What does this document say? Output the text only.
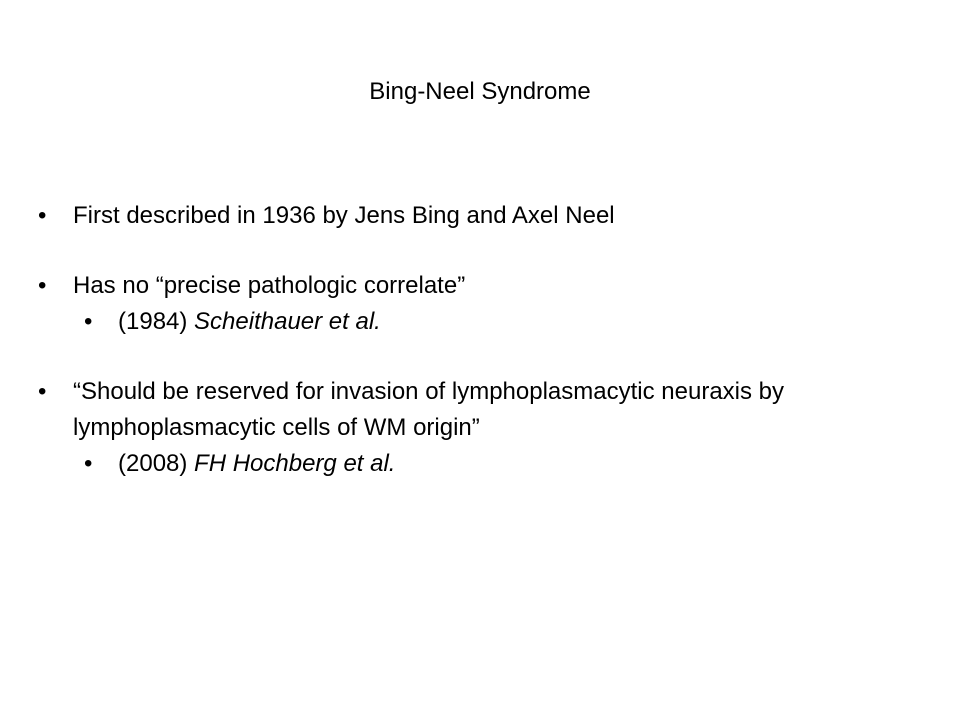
Bing-Neel Syndrome
•	First described in 1936 by Jens Bing and Axel Neel
•	Has no “precise pathologic correlate”
•	(1984) Scheithauer et al.
•	“Should be reserved for invasion of lymphoplasmacytic neuraxis by lymphoplasmacytic cells of WM origin”
•	(2008) FH Hochberg et al.
